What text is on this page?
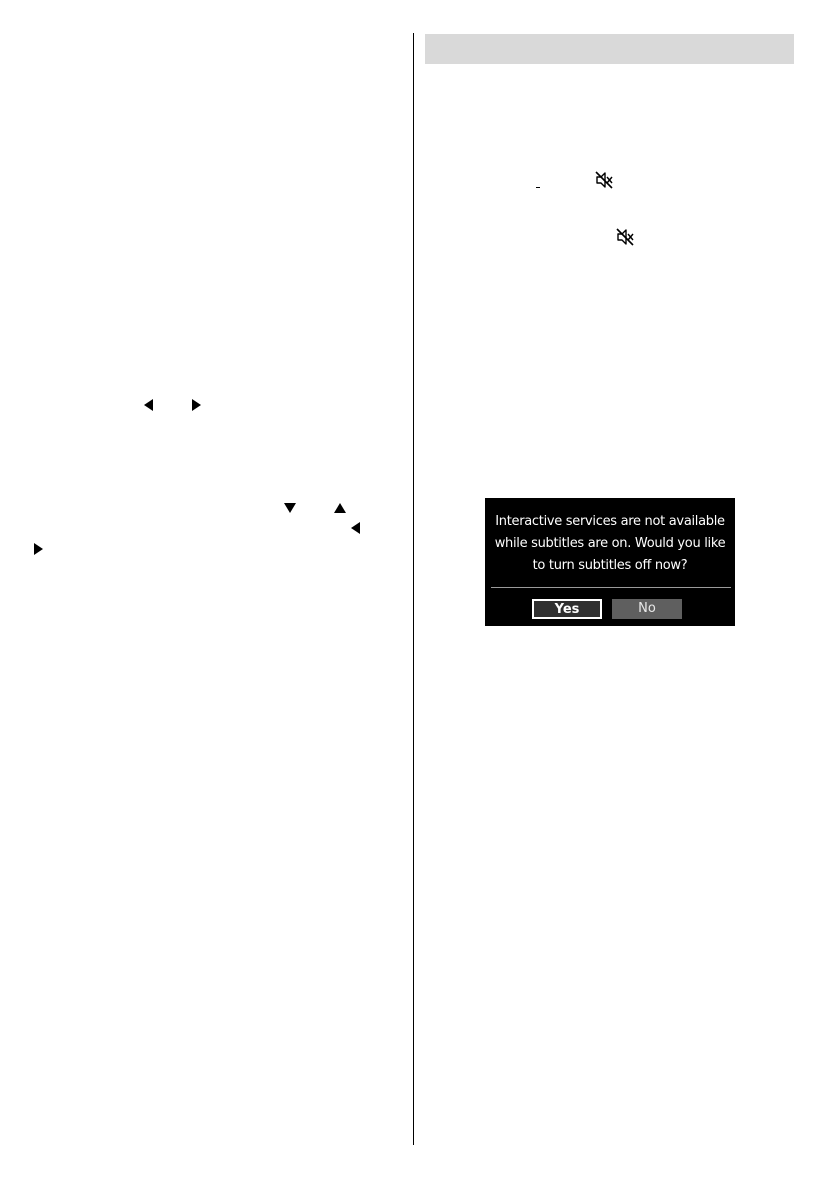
Interactive services are not available while subtitles are on. Would you like to turn subtitles off now?

Yes	No
